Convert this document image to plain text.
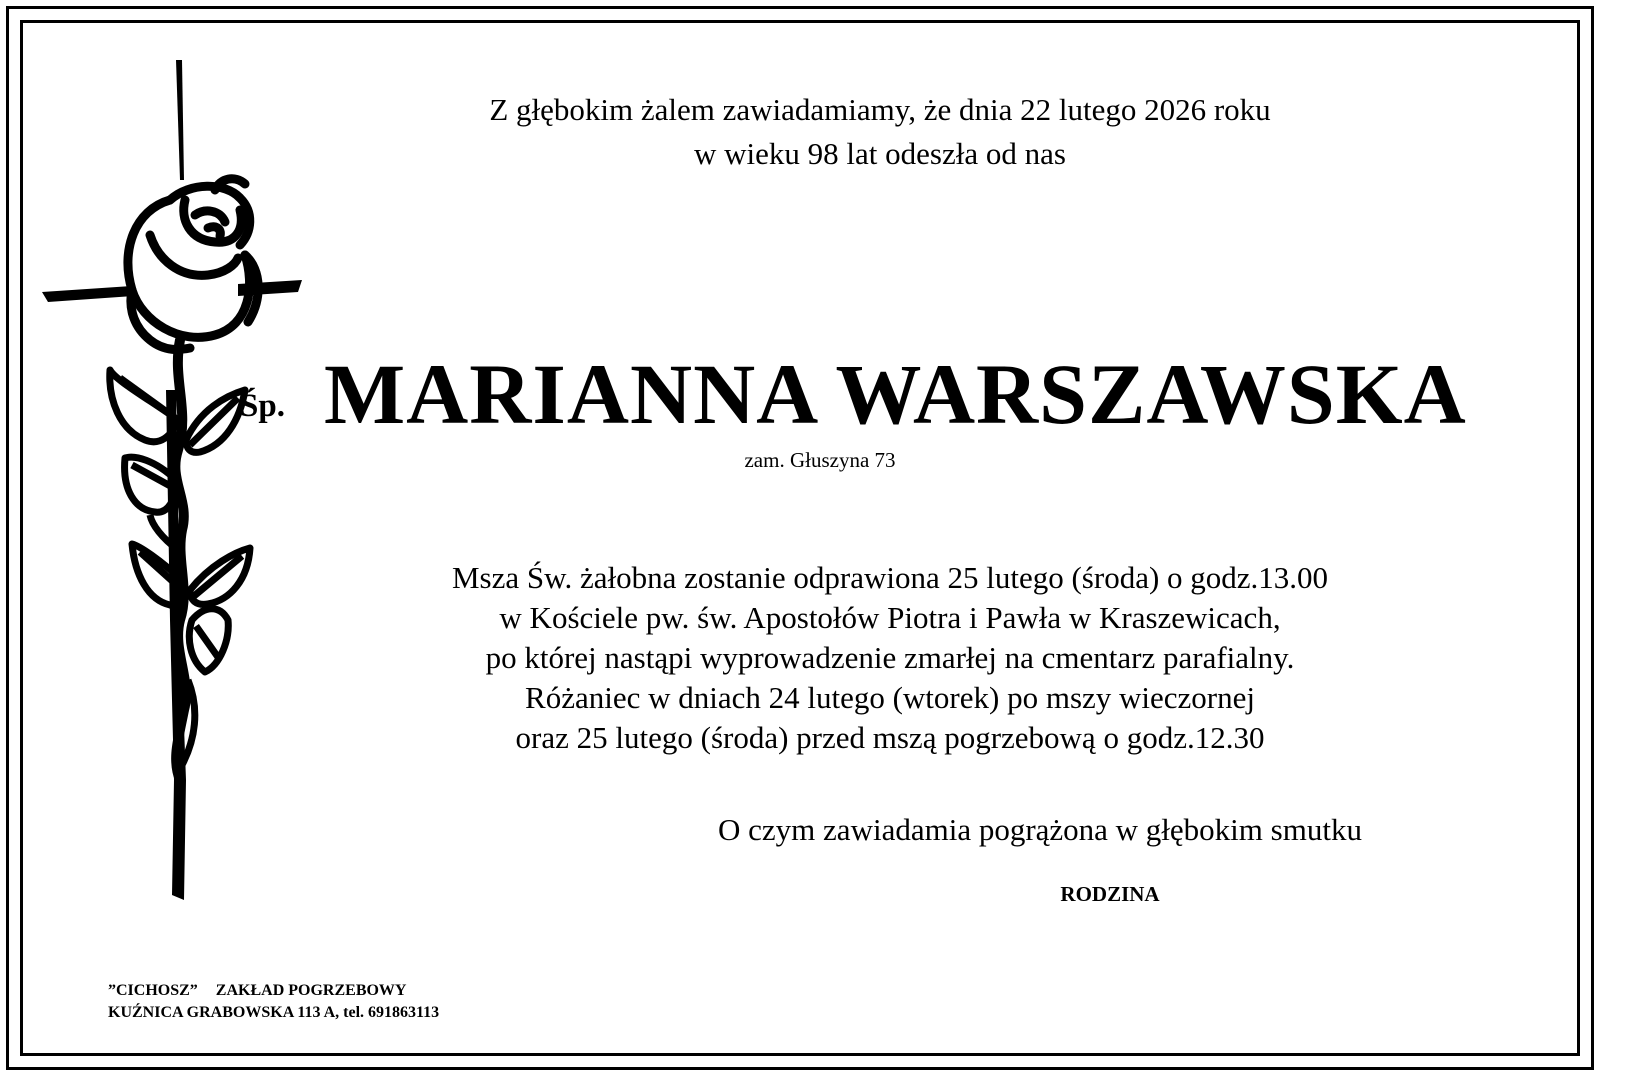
Z głębokim żalem zawiadamiamy, że dnia 22 lutego 2026 roku
w wieku 98 lat odeszła od nas
Śp. MARIANNA WARSZAWSKA
zam. Głuszyna 73
Msza Św. żałobna zostanie odprawiona 25 lutego (środa) o godz.13.00
w Kościele pw. św. Apostołów Piotra i Pawła w Kraszewicach,
po której nastąpi wyprowadzenie zmarłej na cmentarz parafialny.
Różaniec w dniach 24 lutego (wtorek) po mszy wieczornej
oraz 25 lutego (środa) przed mszą pogrzebową o godz.12.30
O czym zawiadamia pogrążona w głębokim smutku
RODZINA
”CICHOSZ” ZAKŁAD POGRZEBOWY
KUŹNICA GRABOWSKA 113 A, tel. 691863113
